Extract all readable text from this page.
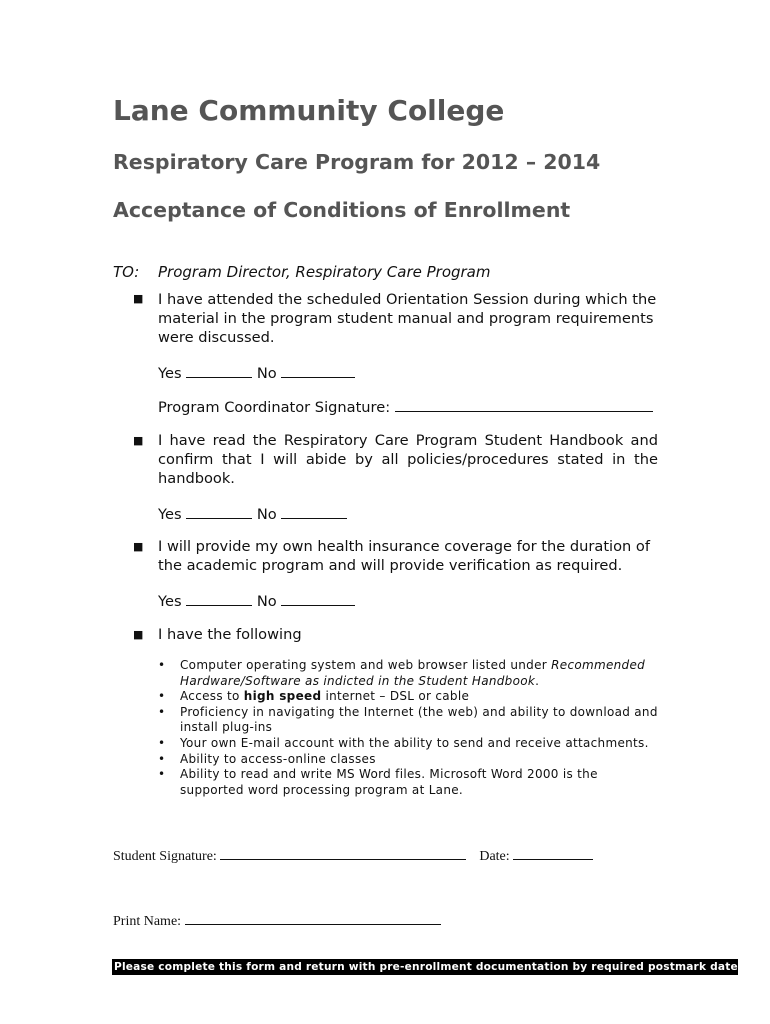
Lane Community College
Respiratory Care Program for 2012 – 2014
Acceptance of Conditions of Enrollment
TO: Program Director, Respiratory Care Program
■ I have attended the scheduled Orientation Session during which the material in the program student manual and program requirements were discussed.
Yes	No
Program Coordinator Signature:
■ I have read the Respiratory Care Program Student Handbook and confirm that I will abide by all policies/procedures stated in the handbook.
Yes	No
■ I will provide my own health insurance coverage for the duration of the academic program and will provide verification as required.
Yes	No
■ I have the following
• Computer operating system and web browser listed under Recommended Hardware/Software as indicted in the Student Handbook.
• Access to high speed internet – DSL or cable
• Proficiency in navigating the Internet (the web) and ability to download and install plug-ins
• Your own E-mail account with the ability to send and receive attachments.
• Ability to access-online classes
• Ability to read and write MS Word files. Microsoft Word 2000 is the supported word processing program at Lane.
Student Signature:	Date:
Print Name:
Please complete this form and return with pre-enrollment documentation by required postmark date.
